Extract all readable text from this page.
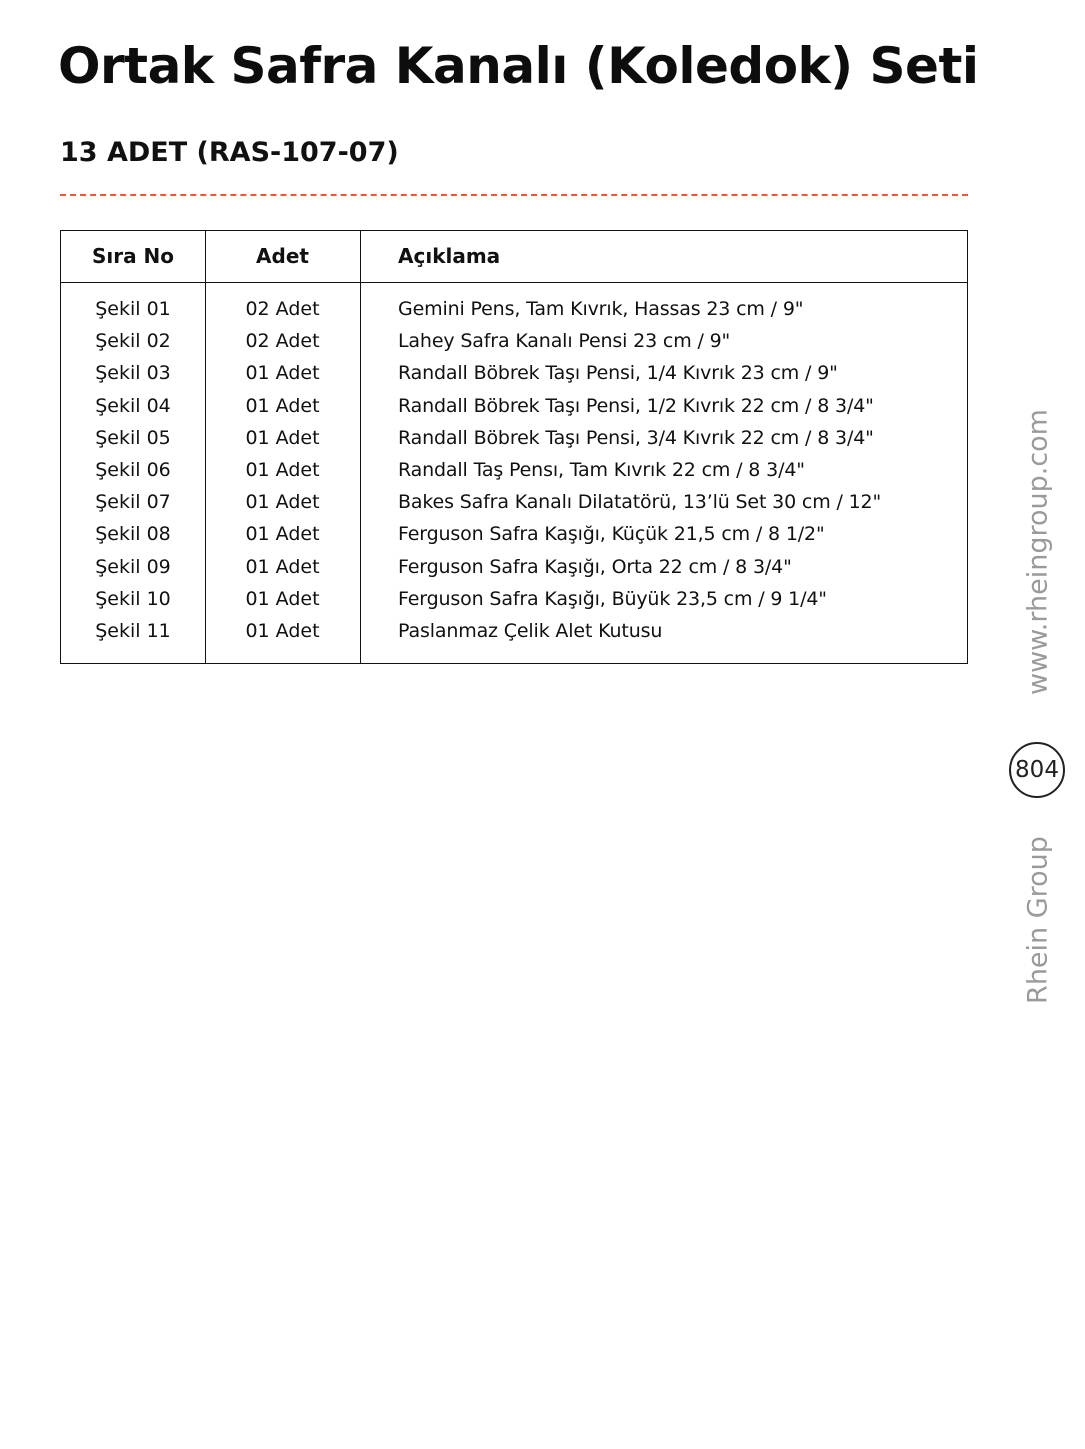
Ortak Safra Kanalı (Koledok) Seti
13 ADET (RAS-107-07)
Sıra No	Adet	Açıklama
Şekil 01	02 Adet	Gemini Pens, Tam Kıvrık, Hassas 23 cm / 9"
Şekil 02	02 Adet	Lahey Safra Kanalı Pensi 23 cm / 9"
Şekil 03	01 Adet	Randall Böbrek Taşı Pensi, 1/4 Kıvrık 23 cm / 9"
Şekil 04	01 Adet	Randall Böbrek Taşı Pensi, 1/2 Kıvrık 22 cm / 8 3/4"
Şekil 05	01 Adet	Randall Böbrek Taşı Pensi, 3/4 Kıvrık 22 cm / 8 3/4"
Şekil 06	01 Adet	Randall Taş Pensı, Tam Kıvrık 22 cm / 8 3/4"
Şekil 07	01 Adet	Bakes Safra Kanalı Dilatatörü, 13’lü Set 30 cm / 12"
Şekil 08	01 Adet	Ferguson Safra Kaşığı, Küçük 21,5 cm / 8 1/2"
Şekil 09	01 Adet	Ferguson Safra Kaşığı, Orta 22 cm / 8 3/4"
Şekil 10	01 Adet	Ferguson Safra Kaşığı, Büyük 23,5 cm / 9 1/4"
Şekil 11	01 Adet	Paslanmaz Çelik Alet Kutusu	www.rheingroup.com
804
Rhein Group
